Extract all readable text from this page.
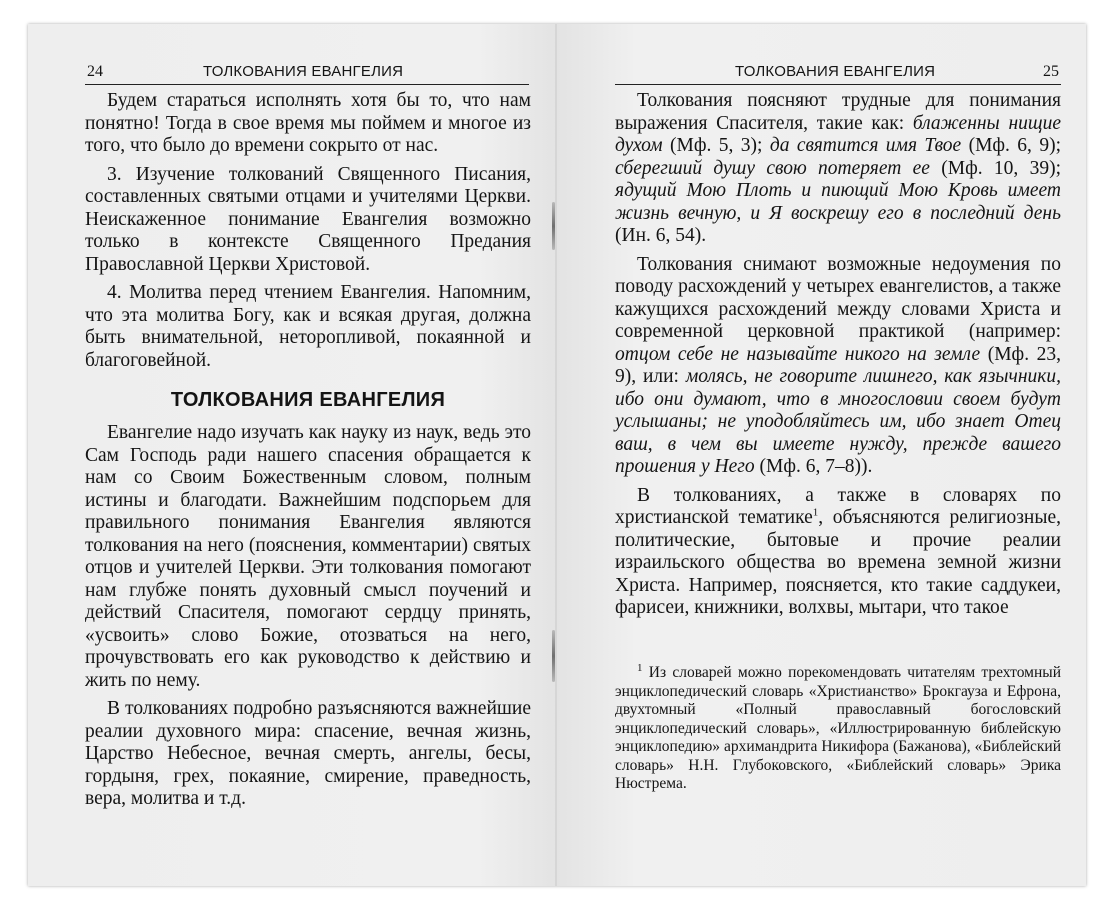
24	ТОЛКОВАНИЯ ЕВАНГЕЛИЯ

Будем стараться исполнять хотя бы то, что нам понятно! Тогда в свое время мы поймем и многое из того, что было до времени сокрыто от нас.

3. Изучение толкований Священного Писания, составленных святыми отцами и учителями Церкви. Неискаженное понимание Евангелия возможно только в контексте Священного Предания Православной Церкви Христовой.

4. Молитва перед чтением Евангелия. Напомним, что эта молитва Богу, как и всякая другая, должна быть внимательной, неторопливой, покаянной и благоговейной.

ТОЛКОВАНИЯ ЕВАНГЕЛИЯ

Евангелие надо изучать как науку из наук, ведь это Сам Господь ради нашего спасения обращается к нам со Своим Божественным словом, полным истины и благодати. Важнейшим подспорьем для правильного понимания Евангелия являются толкования на него (пояснения, комментарии) святых отцов и учителей Церкви. Эти толкования помогают нам глубже понять духовный смысл поучений и действий Спасителя, помогают сердцу принять, «усвоить» слово Божие, отозваться на него, прочувствовать его как руководство к действию и жить по нему.

В толкованиях подробно разъясняются важнейшие реалии духовного мира: спасение, вечная жизнь, Царство Небесное, вечная смерть, ангелы, бесы, гордыня, грех, покаяние, смирение, праведность, вера, молитва и т.д.

ТОЛКОВАНИЯ ЕВАНГЕЛИЯ	25

Толкования поясняют трудные для понимания выражения Спасителя, такие как: блаженны нищие духом (Мф. 5, 3); да святится имя Твое (Мф. 6, 9); сберегший душу свою потеряет ее (Мф. 10, 39); ядущий Мою Плоть и пиющий Мою Кровь имеет жизнь вечную, и Я воскрешу его в последний день (Ин. 6, 54).

Толкования снимают возможные недоумения по поводу расхождений у четырех евангелистов, а также кажущихся расхождений между словами Христа и современной церковной практикой (например: отцом себе не называйте никого на земле (Мф. 23, 9), или: молясь, не говорите лишнего, как язычники, ибо они думают, что в многословии своем будут услышаны; не уподобляйтесь им, ибо знает Отец ваш, в чем вы имеете нужду, прежде вашего прошения у Него (Мф. 6, 7–8)).

В толкованиях, а также в словарях по христианской тематике$^1$, объясняются религиозные, политические, бытовые и прочие реалии израильского общества во времена земной жизни Христа. Например, поясняется, кто такие саддукеи, фарисеи, книжники, волхвы, мытари, что такое

$^1$ Из словарей можно порекомендовать читателям трехтомный энциклопедический словарь «Христианство» Брокгауза и Ефрона, двухтомный «Полный православный богословский энциклопедический словарь», «Иллюстрированную библейскую энциклопедию» архимандрита Никифора (Бажанова), «Библейский словарь» Н.Н. Глубоковского, «Библейский словарь» Эрика Нюстрема.
